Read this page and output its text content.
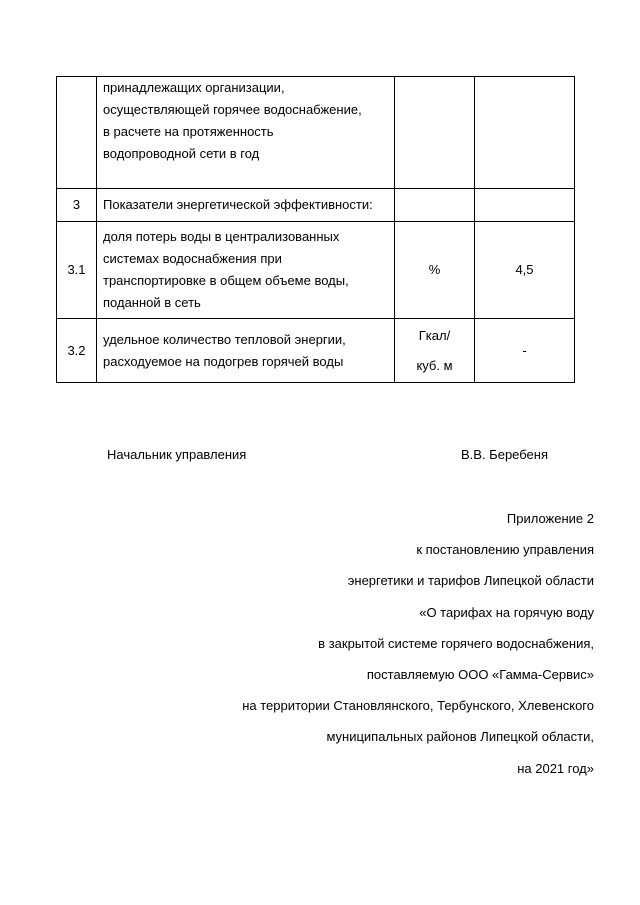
	принадлежащих организации,
осуществляющей горячее водоснабжение,
в расчете на протяженность
водопроводной сети в год		

3	Показатели энергетической эффективности:		

3.1	доля потерь воды в централизованных
системах водоснабжения при
транспортировке в общем объеме воды,
поданной в сеть	%	4,5
3.2	удельное количество тепловой энергии,
расходуемое на подогрев горячей воды	Гкал/
куб. м	-
Начальник управления	В.В. Беребеня
Приложение 2
к постановлению управления
энергетики и тарифов Липецкой области
«О тарифах на горячую воду
в закрытой системе горячего водоснабжения,
поставляемую ООО «Гамма-Сервис»
на территории Становлянского, Тербунского, Хлевенского
муниципальных районов Липецкой области,
на 2021 год»
